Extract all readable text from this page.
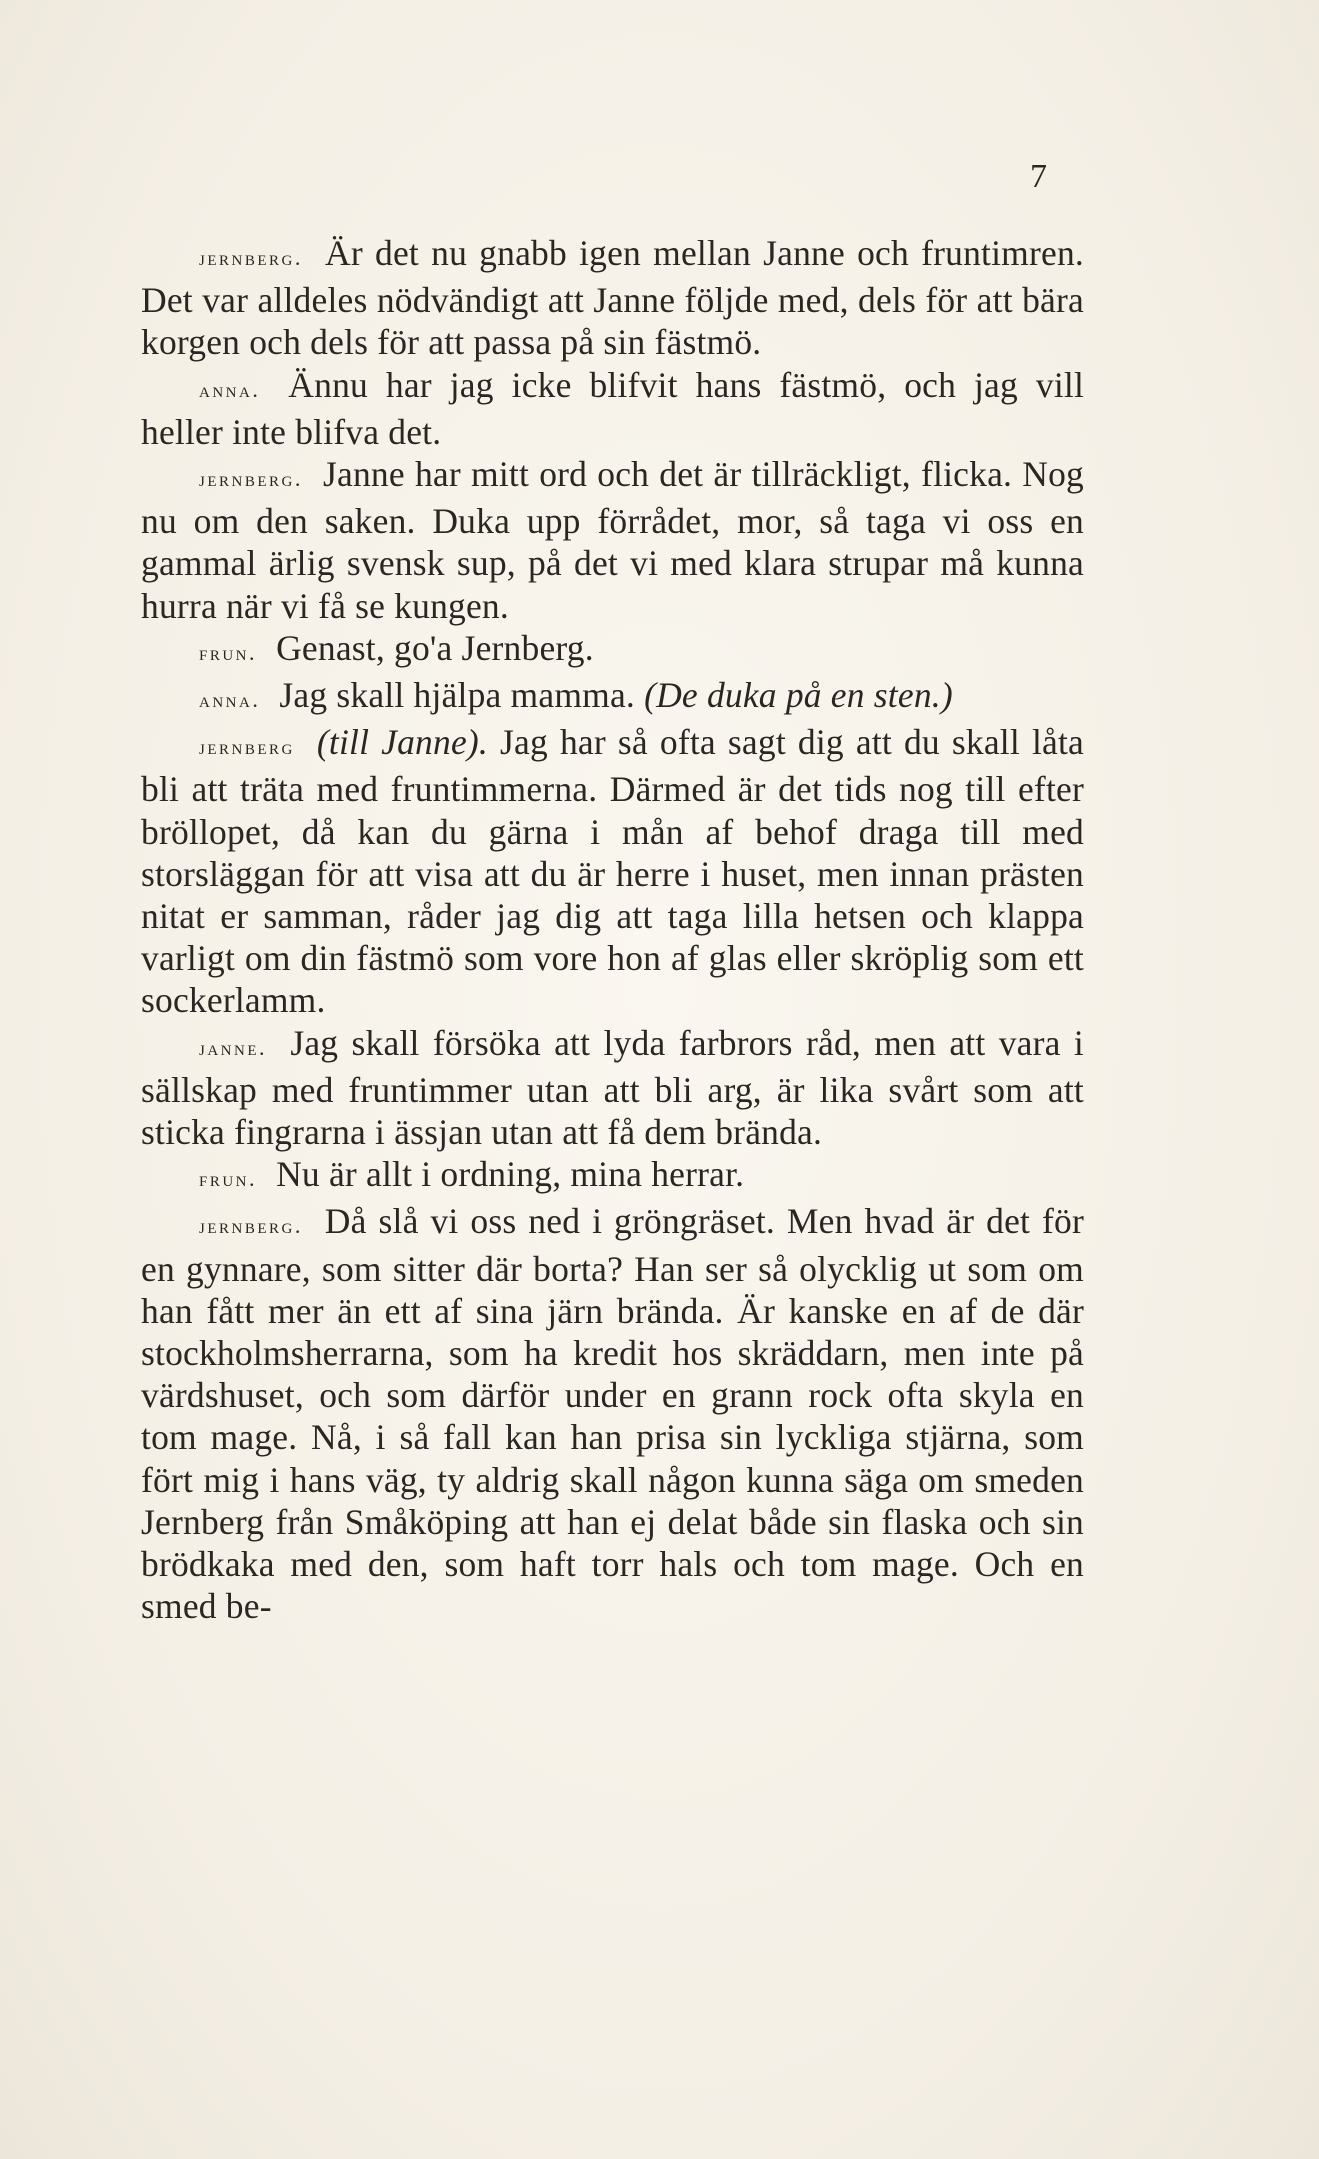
7

jernberg. Är det nu gnabb igen mellan Janne och fruntimren. Det var alldeles nödvändigt att Janne följde med, dels för att bära korgen och dels för att passa på sin fästmö.

anna. Ännu har jag icke blifvit hans fästmö, och jag vill heller inte blifva det.

jernberg. Janne har mitt ord och det är tillräckligt, flicka. Nog nu om den saken. Duka upp förrådet, mor, så taga vi oss en gammal ärlig svensk sup, på det vi med klara strupar må kunna hurra när vi få se kungen.

frun. Genast, go'a Jernberg.

anna. Jag skall hjälpa mamma. (De duka på en sten.)

jernberg (till Janne). Jag har så ofta sagt dig att du skall låta bli att träta med fruntimmerna. Därmed är det tids nog till efter bröllopet, då kan du gärna i mån af behof draga till med storsläggan för att visa att du är herre i huset, men innan prästen nitat er samman, råder jag dig att taga lilla hetsen och klappa varligt om din fästmö som vore hon af glas eller skröplig som ett sockerlamm.

janne. Jag skall försöka att lyda farbrors råd, men att vara i sällskap med fruntimmer utan att bli arg, är lika svårt som att sticka fingrarna i ässjan utan att få dem brända.

frun. Nu är allt i ordning, mina herrar.

jernberg. Då slå vi oss ned i gröngräset. Men hvad är det för en gynnare, som sitter där borta? Han ser så olycklig ut som om han fått mer än ett af sina järn brända. Är kanske en af de där stockholmsherrarna, som ha kredit hos skräddarn, men inte på värdshuset, och som därför under en grann rock ofta skyla en tom mage. Nå, i så fall kan han prisa sin lyckliga stjärna, som fört mig i hans väg, ty aldrig skall någon kunna säga om smeden Jernberg från Småköping att han ej delat både sin flaska och sin brödkaka med den, som haft torr hals och tom mage. Och en smed be-
